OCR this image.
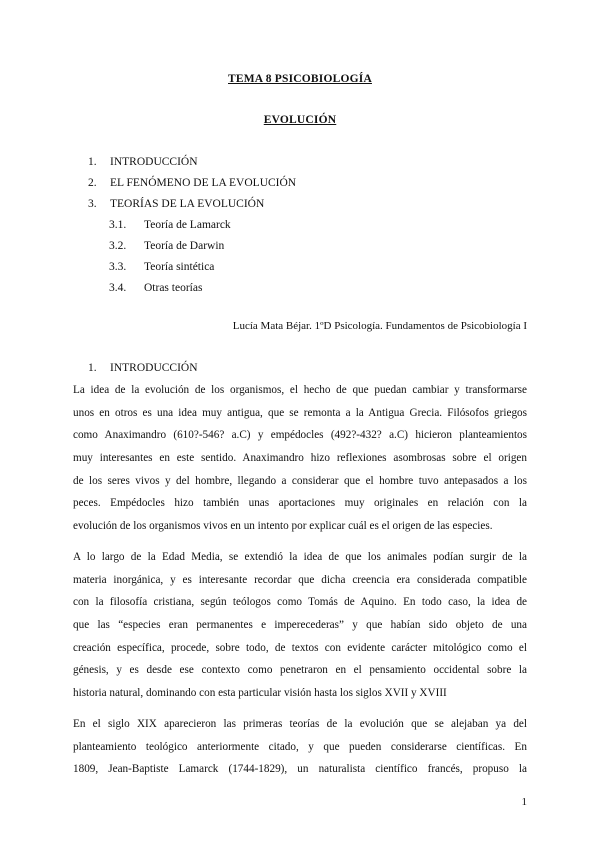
TEMA 8 PSICOBIOLOGÍA
EVOLUCIÓN
1. INTRODUCCIÓN
2. EL FENÓMENO DE LA EVOLUCIÓN
3. TEORÍAS DE LA EVOLUCIÓN
3.1. Teoría de Lamarck
3.2. Teoría de Darwin
3.3. Teoría sintética
3.4. Otras teorías
Lucía Mata Béjar. 1ºD Psicología. Fundamentos de Psicobiología I
1. INTRODUCCIÓN
La idea de la evolución de los organismos, el hecho de que puedan cambiar y transformarse
unos en otros es una idea muy antigua, que se remonta a la Antigua Grecia. Filósofos griegos
como Anaximandro (610?-546? a.C) y empédocles (492?-432? a.C) hicieron planteamientos
muy interesantes en este sentido. Anaximandro hizo reflexiones asombrosas sobre el origen
de los seres vivos y del hombre, llegando a considerar que el hombre tuvo antepasados a los
peces. Empédocles hizo también unas aportaciones muy originales en relación con la
evolución de los organismos vivos en un intento por explicar cuál es el origen de las especies.
A lo largo de la Edad Media, se extendió la idea de que los animales podían surgir de la
materia inorgánica, y es interesante recordar que dicha creencia era considerada compatible
con la filosofía cristiana, según teólogos como Tomás de Aquino. En todo caso, la idea de
que las “especies eran permanentes e imperecederas” y que habían sido objeto de una
creación específica, procede, sobre todo, de textos con evidente carácter mitológico como el
génesis, y es desde ese contexto como penetraron en el pensamiento occidental sobre la
historia natural, dominando con esta particular visión hasta los siglos XVII y XVIII
En el siglo XIX aparecieron las primeras teorías de la evolución que se alejaban ya del
planteamiento teológico anteriormente citado, y que pueden considerarse científicas. En
1809, Jean-Baptiste Lamarck (1744-1829), un naturalista científico francés, propuso la
1
